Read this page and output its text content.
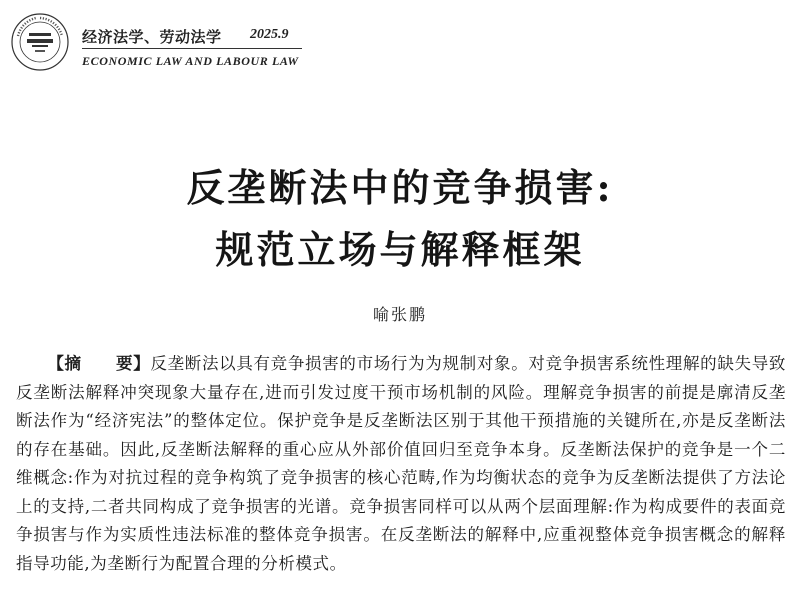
经济法学、劳动法学 2025.9
ECONOMIC LAW AND LABOUR LAW
反垄断法中的竞争损害:
规范立场与解释框架
喻张鹏
【摘　　要】反垄断法以具有竞争损害的市场行为为规制对象。对竞争损害系统性理解的缺失导致反垄断法解释冲突现象大量存在,进而引发过度干预市场机制的风险。理解竞争损害的前提是廓清反垄断法作为“经济宪法”的整体定位。保护竞争是反垄断法区别于其他干预措施的关键所在,亦是反垄断法的存在基础。因此,反垄断法解释的重心应从外部价值回归至竞争本身。反垄断法保护的竞争是一个二维概念:作为对抗过程的竞争构筑了竞争损害的核心范畴,作为均衡状态的竞争为反垄断法提供了方法论上的支持,二者共同构成了竞争损害的光谱。竞争损害同样可以从两个层面理解:作为构成要件的表面竞争损害与作为实质性违法标准的整体竞争损害。在反垄断法的解释中,应重视整体竞争损害概念的解释指导功能,为垄断行为配置合理的分析模式。
